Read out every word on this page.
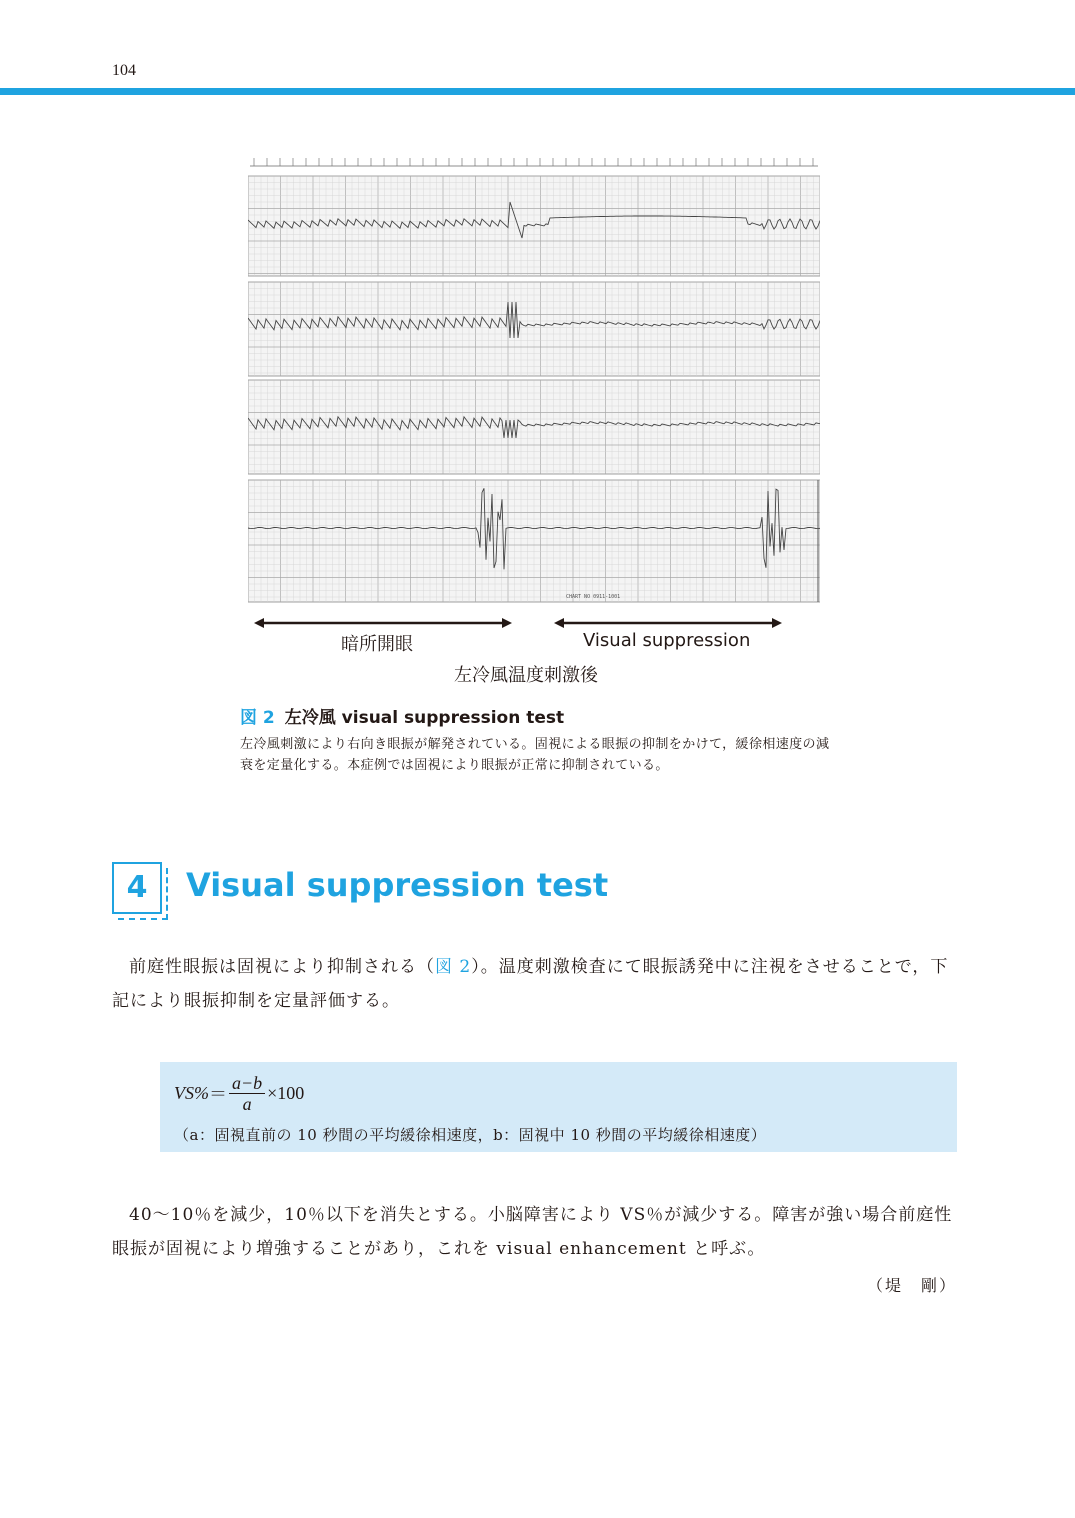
104
CHART NO 0911-1001
暗所開眼	Visual suppression
左冷風温度刺激後
図 2 左冷風 visual suppression test
左冷風刺激により右向き眼振が解発されている。固視による眼振の抑制をかけて，緩徐相速度の減衰を定量化する。本症例では固視により眼振が正常に抑制されている。
4	Visual suppression test
前庭性眼振は固視により抑制される（図 2）。温度刺激検査にて眼振誘発中に注視をさせることで，下記により眼振抑制を定量評価する。
$VS\% = \frac{a-b}{a} \times 100$
（a：固視直前の 10 秒間の平均緩徐相速度，b：固視中 10 秒間の平均緩徐相速度）
40〜10％を減少，10％以下を消失とする。小脳障害により VS％が減少する。障害が強い場合前庭性眼振が固視により増強することがあり，これを visual enhancement と呼ぶ。
（堤　剛）
